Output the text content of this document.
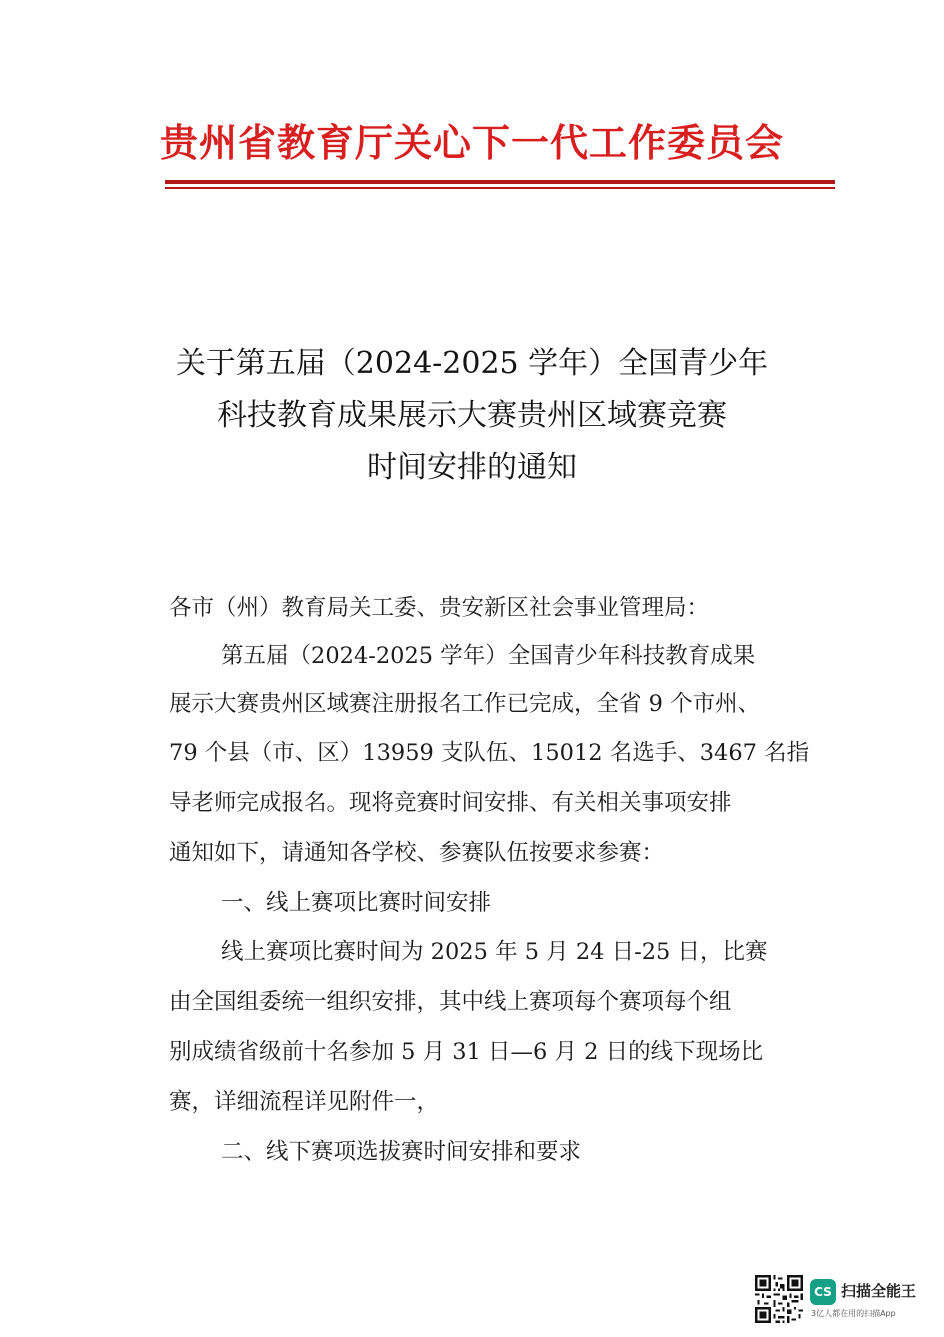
贵州省教育厅关心下一代工作委员会
关于第五届（2024-2025 学年）全国青少年
科技教育成果展示大赛贵州区域赛竞赛
时间安排的通知
各市（州）教育局关工委、贵安新区社会事业管理局：
第五届（2024-2025 学年）全国青少年科技教育成果
展示大赛贵州区域赛注册报名工作已完成，全省 9 个市州、
79 个县（市、区）13959 支队伍、15012 名选手、3467 名指
导老师完成报名。现将竞赛时间安排、有关相关事项安排
通知如下，请通知各学校、参赛队伍按要求参赛：
一、线上赛项比赛时间安排
线上赛项比赛时间为 2025 年 5 月 24 日-25 日，比赛
由全国组委统一组织安排，其中线上赛项每个赛项每个组
别成绩省级前十名参加 5 月 31 日—6 月 2 日的线下现场比
赛，详细流程详见附件一，
二、线下赛项选拔赛时间安排和要求
CS 扫描全能王
3亿人都在用的扫描App
